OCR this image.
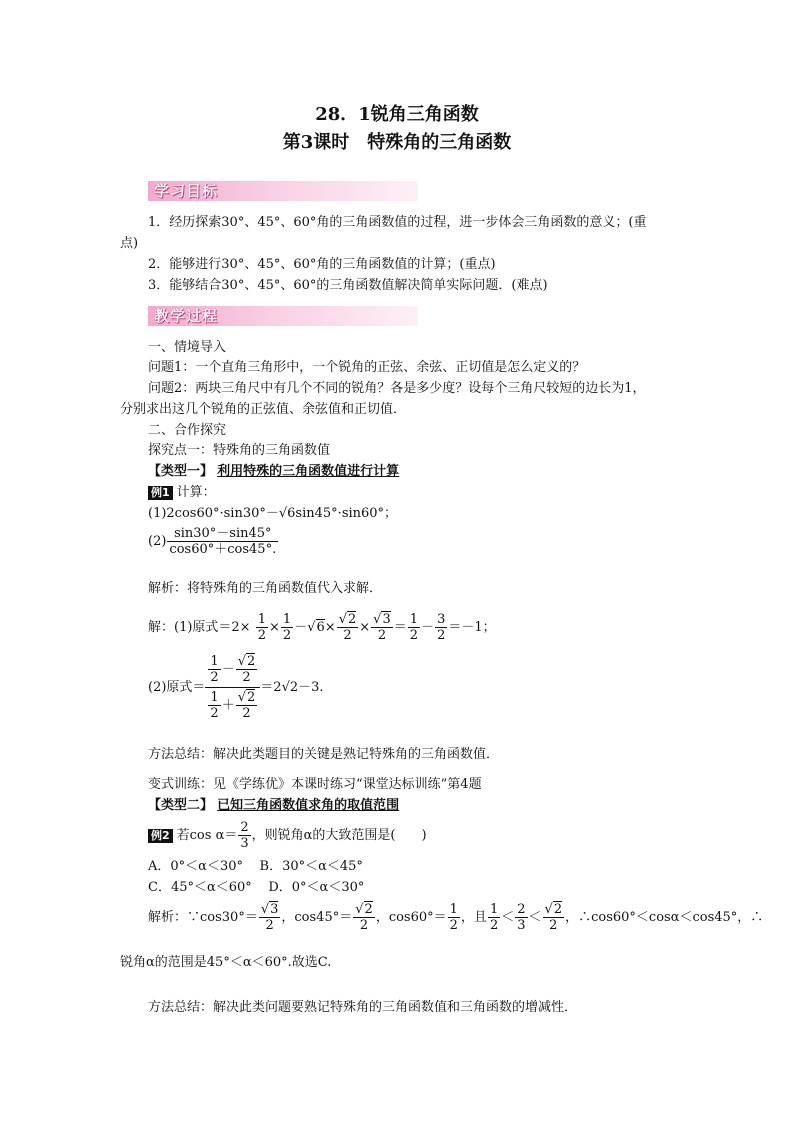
28．1锐角三角函数
第3课时　特殊角的三角函数
学习目标
1．经历探索30°、45°、60°角的三角函数值的过程，进一步体会三角函数的意义；(重
点)
2．能够进行30°、45°、60°角的三角函数值的计算；(重点)
3．能够结合30°、45°、60°的三角函数值解决简单实际问题．(难点)
教学过程
一、情境导入
问题1：一个直角三角形中，一个锐角的正弦、余弦、正切值是怎么定义的？
问题2：两块三角尺中有几个不同的锐角？各是多少度？设每个三角尺较短的边长为1，
分别求出这几个锐角的正弦值、余弦值和正切值．
二、合作探究
探究点一：特殊角的三角函数值
【类型一】 利用特殊的三角函数值进行计算
例1 计算：
(1)2cos60°·sin30°－√6sin45°·sin60°；
$(2) \frac{\sin 30^\circ-\sin 45^\circ}{\cos 60^\circ+\cos 45^\circ.}$
解析：将特殊角的三角函数值代入求解．
解：(1)原式$=2\times \frac{1}{2} \times \frac{1}{2} -√6\times \frac{√2}{2} \times \frac{√3}{2} = \frac{1}{2} - \frac{3}{2} =-1$；
(2)原式＝ $\frac{\frac{1}{2} - \frac{√2}{2}}{\frac{1}{2} + \frac{√2}{2}} =2√2-3$.
方法总结：解决此类题目的关键是熟记特殊角的三角函数值．
变式训练：见《学练优》本课时练习“课堂达标训练”第4题
【类型二】 已知三角函数值求角的取值范围
例2 若$\cos \alpha= \frac{2}{3}$ ，则锐角α的大致范围是(　　)
A．0°＜α＜30° B．30°＜α＜45°
C．45°＜α＜60° D．0°＜α＜30°
解析：∵cos30°＝ $\frac{√3}{2}$ ，$\cos 45^\circ= \frac{√2}{2}$ ，$\cos 60^\circ= \frac{1}{2}$ ，且 $\frac{1}{2} < \frac{2}{3} < \frac{√2}{2}$ ，∴cos60°＜cosα＜cos45°，∴
锐角α的范围是45°＜α＜60°.故选C.
方法总结：解决此类问题要熟记特殊角的三角函数值和三角函数的增减性．
